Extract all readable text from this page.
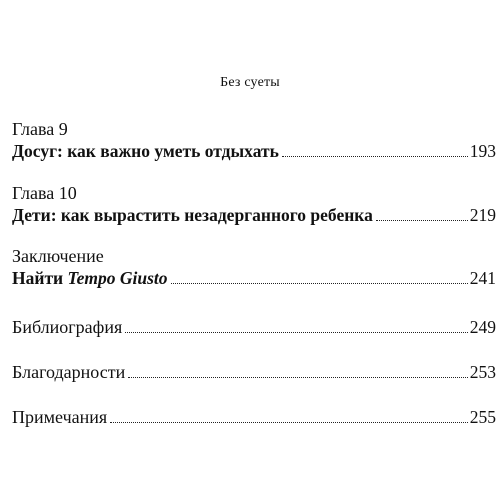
Без суеты
Глава 9
Досуг: как важно уметь отдыхать	193
Глава 10
Дети: как вырастить незадерганного ребенка	219
Заключение
Найти Tempo Giusto	241
Библиография	249
Благодарности	253
Примечания	255
